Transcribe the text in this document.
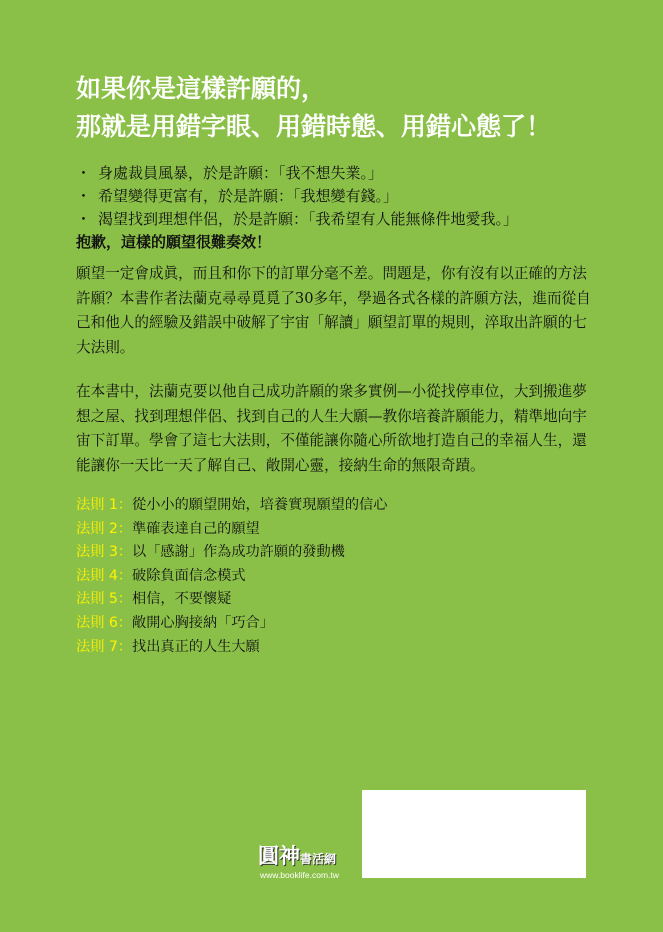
如果你是這樣許願的，
那就是用錯字眼、用錯時態、用錯心態了！
・ 身處裁員風暴，於是許願：「我不想失業。」
・ 希望變得更富有，於是許願：「我想變有錢。」
・ 渴望找到理想伴侶，於是許願：「我希望有人能無條件地愛我。」
抱歉，這樣的願望很難奏效！

願望一定會成眞，而且和你下的訂單分毫不差。問題是，你有沒有以正確的方法許願？本書作者法蘭克尋尋覓覓了30多年，學過各式各樣的許願方法，進而從自己和他人的經驗及錯誤中破解了宇宙「解讀」願望訂單的規則，淬取出許願的七大法則。

在本書中，法蘭克要以他自己成功許願的衆多實例—小從找停車位，大到搬進夢想之屋、找到理想伴侶、找到自己的人生大願—教你培養許願能力，精準地向宇宙下訂單。學會了這七大法則，不僅能讓你隨心所欲地打造自己的幸福人生，還能讓你一天比一天了解自己、敞開心靈，接納生命的無限奇蹟。

法則 1：從小小的願望開始，培養實現願望的信心
法則 2：準確表達自己的願望
法則 3：以「感謝」作為成功許願的發動機
法則 4：破除負面信念模式
法則 5：相信，不要懷疑
法則 6：敞開心胸接納「巧合」
法則 7：找出真正的人生大願
圓神書活網
www.booklife.com.tw
